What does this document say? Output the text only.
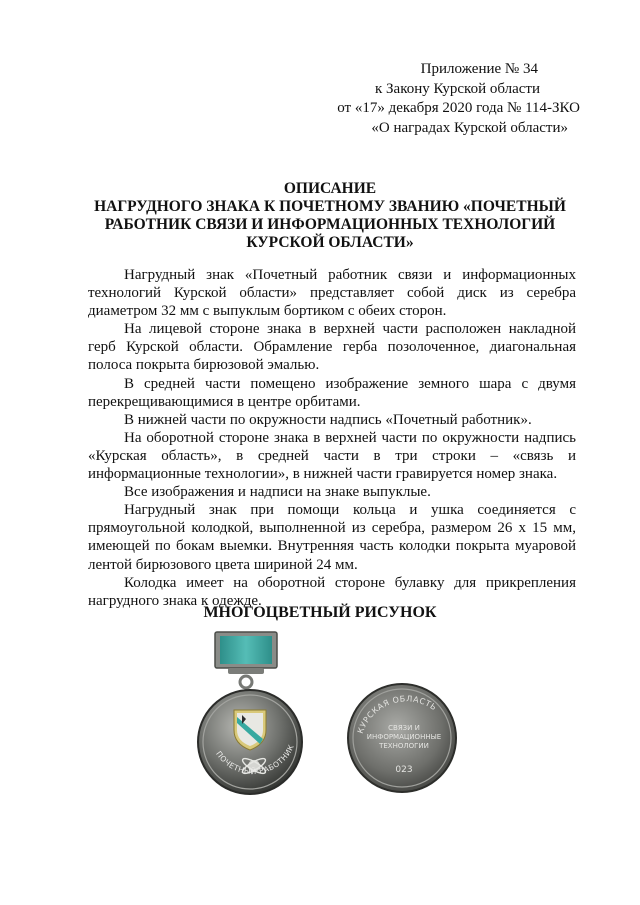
Приложение № 34
к Закону Курской области
от «17» декабря 2020 года № 114-ЗКО
«О наградах Курской области»
ОПИСАНИЕ
НАГРУДНОГО ЗНАКА К ПОЧЕТНОМУ ЗВАНИЮ «ПОЧЕТНЫЙ
РАБОТНИК СВЯЗИ И ИНФОРМАЦИОННЫХ ТЕХНОЛОГИЙ
КУРСКОЙ ОБЛАСТИ»

Нагрудный знак «Почетный работник связи и информационных технологий Курской области» представляет собой диск из серебра диаметром 32 мм с выпуклым бортиком с обеих сторон.

На лицевой стороне знака в верхней части расположен накладной герб Курской области. Обрамление герба позолоченное, диагональная полоса покрыта бирюзовой эмалью.

В средней части помещено изображение земного шара с двумя перекрещивающимися в центре орбитами.

В нижней части по окружности надпись «Почетный работник».

На оборотной стороне знака в верхней части по окружности надпись «Курская область», в средней части в три строки – «связь и информационные технологии», в нижней части гравируется номер знака.

Все изображения и надписи на знаке выпуклые.

Нагрудный знак при помощи кольца и ушка соединяется с прямоугольной колодкой, выполненной из серебра, размером 26 х 15 мм, имеющей по бокам выемки. Внутренняя часть колодки покрыта муаровой лентой бирюзового цвета шириной 24 мм.

Колодка имеет на оборотной стороне булавку для прикрепления нагрудного знака к одежде.

МНОГОЦВЕТНЫЙ РИСУНОК
ПОЧЕТНЫЙ РАБОТНИК
КУРСКАЯ ОБЛАСТЬ
СВЯЗИ И
ИНФОРМАЦИОННЫЕ
ТЕХНОЛОГИИ
023
